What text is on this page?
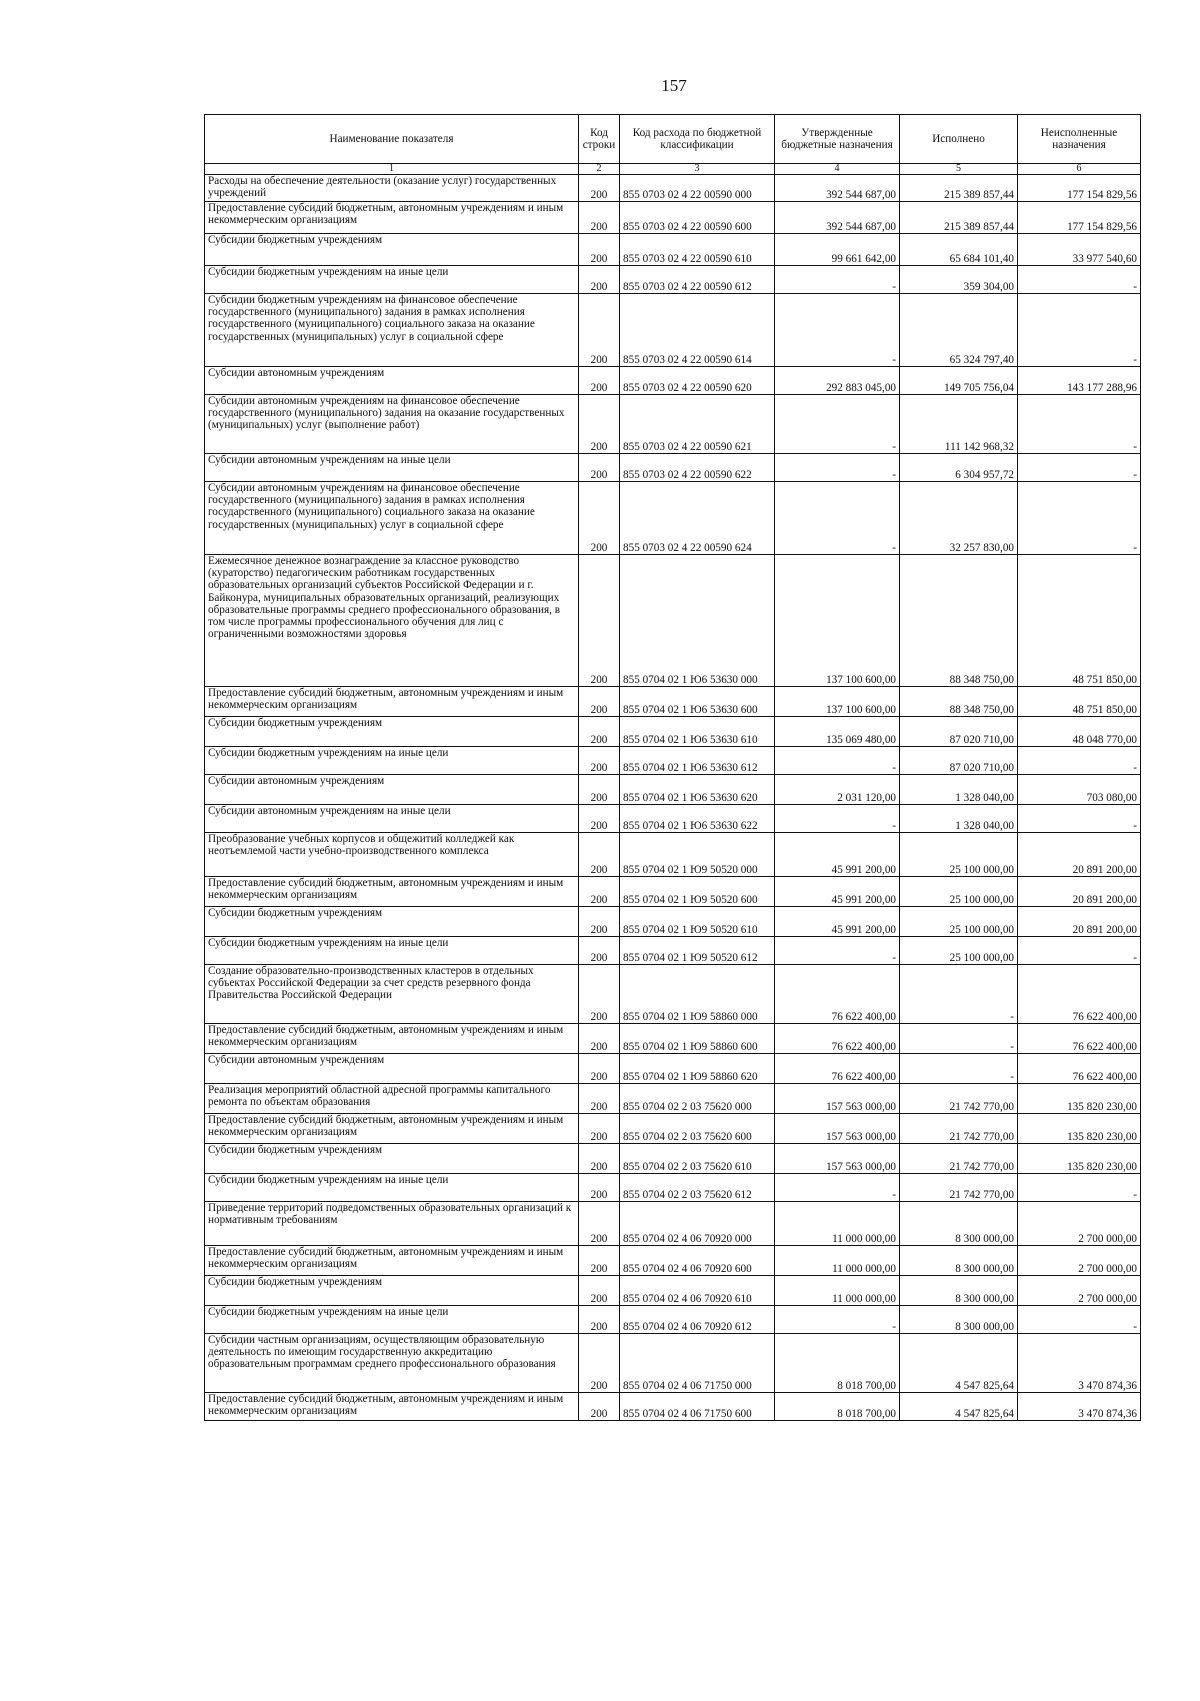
157
Наименование показателя	Код строки	Код расхода по бюджетной классификации	Утвержденные бюджетные назначения	Исполнено	Неисполненные назначения
1	2	3	4	5	6
Расходы на обеспечение деятельности (оказание услуг) государственных учреждений	200	855 0703 02 4 22 00590 000	392 544 687,00	215 389 857,44	177 154 829,56
Предоставление субсидий бюджетным, автономным учреждениям и иным некоммерческим организациям	200	855 0703 02 4 22 00590 600	392 544 687,00	215 389 857,44	177 154 829,56
Субсидии бюджетным учреждениям	200	855 0703 02 4 22 00590 610	99 661 642,00	65 684 101,40	33 977 540,60
Субсидии бюджетным учреждениям на иные цели	200	855 0703 02 4 22 00590 612	-	359 304,00	-
Субсидии бюджетным учреждениям на финансовое обеспечение государственного (муниципального) задания в рамках исполнения государственного (муниципального) социального заказа на оказание государственных (муниципальных) услуг в социальной сфере	200	855 0703 02 4 22 00590 614	-	65 324 797,40	-
Субсидии автономным учреждениям	200	855 0703 02 4 22 00590 620	292 883 045,00	149 705 756,04	143 177 288,96
Субсидии автономным учреждениям на финансовое обеспечение государственного (муниципального) задания на оказание государственных (муниципальных) услуг (выполнение работ)	200	855 0703 02 4 22 00590 621	-	111 142 968,32	-
Субсидии автономным учреждениям на иные цели	200	855 0703 02 4 22 00590 622	-	6 304 957,72	-
Субсидии автономным учреждениям на финансовое обеспечение государственного (муниципального) задания в рамках исполнения государственного (муниципального) социального заказа на оказание государственных (муниципальных) услуг в социальной сфере	200	855 0703 02 4 22 00590 624	-	32 257 830,00	-
Ежемесячное денежное вознаграждение за классное руководство (кураторство) педагогическим работникам государственных образовательных организаций субъектов Российской Федерации и г. Байконура, муниципальных образовательных организаций, реализующих образовательные программы среднего профессионального образования, в том числе программы профессионального обучения для лиц с ограниченными возможностями здоровья	200	855 0704 02 1 Ю6 53630 000	137 100 600,00	88 348 750,00	48 751 850,00
Предоставление субсидий бюджетным, автономным учреждениям и иным некоммерческим организациям	200	855 0704 02 1 Ю6 53630 600	137 100 600,00	88 348 750,00	48 751 850,00
Субсидии бюджетным учреждениям	200	855 0704 02 1 Ю6 53630 610	135 069 480,00	87 020 710,00	48 048 770,00
Субсидии бюджетным учреждениям на иные цели	200	855 0704 02 1 Ю6 53630 612	-	87 020 710,00	-
Субсидии автономным учреждениям	200	855 0704 02 1 Ю6 53630 620	2 031 120,00	1 328 040,00	703 080,00
Субсидии автономным учреждениям на иные цели	200	855 0704 02 1 Ю6 53630 622	-	1 328 040,00	-
Преобразование учебных корпусов и общежитий колледжей как неотъемлемой части учебно-производственного комплекса	200	855 0704 02 1 Ю9 50520 000	45 991 200,00	25 100 000,00	20 891 200,00
Предоставление субсидий бюджетным, автономным учреждениям и иным некоммерческим организациям	200	855 0704 02 1 Ю9 50520 600	45 991 200,00	25 100 000,00	20 891 200,00
Субсидии бюджетным учреждениям	200	855 0704 02 1 Ю9 50520 610	45 991 200,00	25 100 000,00	20 891 200,00
Субсидии бюджетным учреждениям на иные цели	200	855 0704 02 1 Ю9 50520 612	-	25 100 000,00	-
Создание образовательно-производственных кластеров в отдельных субъектах Российской Федерации за счет средств резервного фонда Правительства Российской Федерации	200	855 0704 02 1 Ю9 58860 000	76 622 400,00	-	76 622 400,00
Предоставление субсидий бюджетным, автономным учреждениям и иным некоммерческим организациям	200	855 0704 02 1 Ю9 58860 600	76 622 400,00	-	76 622 400,00
Субсидии автономным учреждениям	200	855 0704 02 1 Ю9 58860 620	76 622 400,00	-	76 622 400,00
Реализация мероприятий областной адресной программы капитального ремонта по объектам образования	200	855 0704 02 2 03 75620 000	157 563 000,00	21 742 770,00	135 820 230,00
Предоставление субсидий бюджетным, автономным учреждениям и иным некоммерческим организациям	200	855 0704 02 2 03 75620 600	157 563 000,00	21 742 770,00	135 820 230,00
Субсидии бюджетным учреждениям	200	855 0704 02 2 03 75620 610	157 563 000,00	21 742 770,00	135 820 230,00
Субсидии бюджетным учреждениям на иные цели	200	855 0704 02 2 03 75620 612	-	21 742 770,00	-
Приведение территорий подведомственных образовательных организаций к нормативным требованиям	200	855 0704 02 4 06 70920 000	11 000 000,00	8 300 000,00	2 700 000,00
Предоставление субсидий бюджетным, автономным учреждениям и иным некоммерческим организациям	200	855 0704 02 4 06 70920 600	11 000 000,00	8 300 000,00	2 700 000,00
Субсидии бюджетным учреждениям	200	855 0704 02 4 06 70920 610	11 000 000,00	8 300 000,00	2 700 000,00
Субсидии бюджетным учреждениям на иные цели	200	855 0704 02 4 06 70920 612	-	8 300 000,00	-
Субсидии частным организациям, осуществляющим образовательную деятельность по имеющим государственную аккредитацию образовательным программам среднего профессионального образования	200	855 0704 02 4 06 71750 000	8 018 700,00	4 547 825,64	3 470 874,36
Предоставление субсидий бюджетным, автономным учреждениям и иным некоммерческим организациям	200	855 0704 02 4 06 71750 600	8 018 700,00	4 547 825,64	3 470 874,36
